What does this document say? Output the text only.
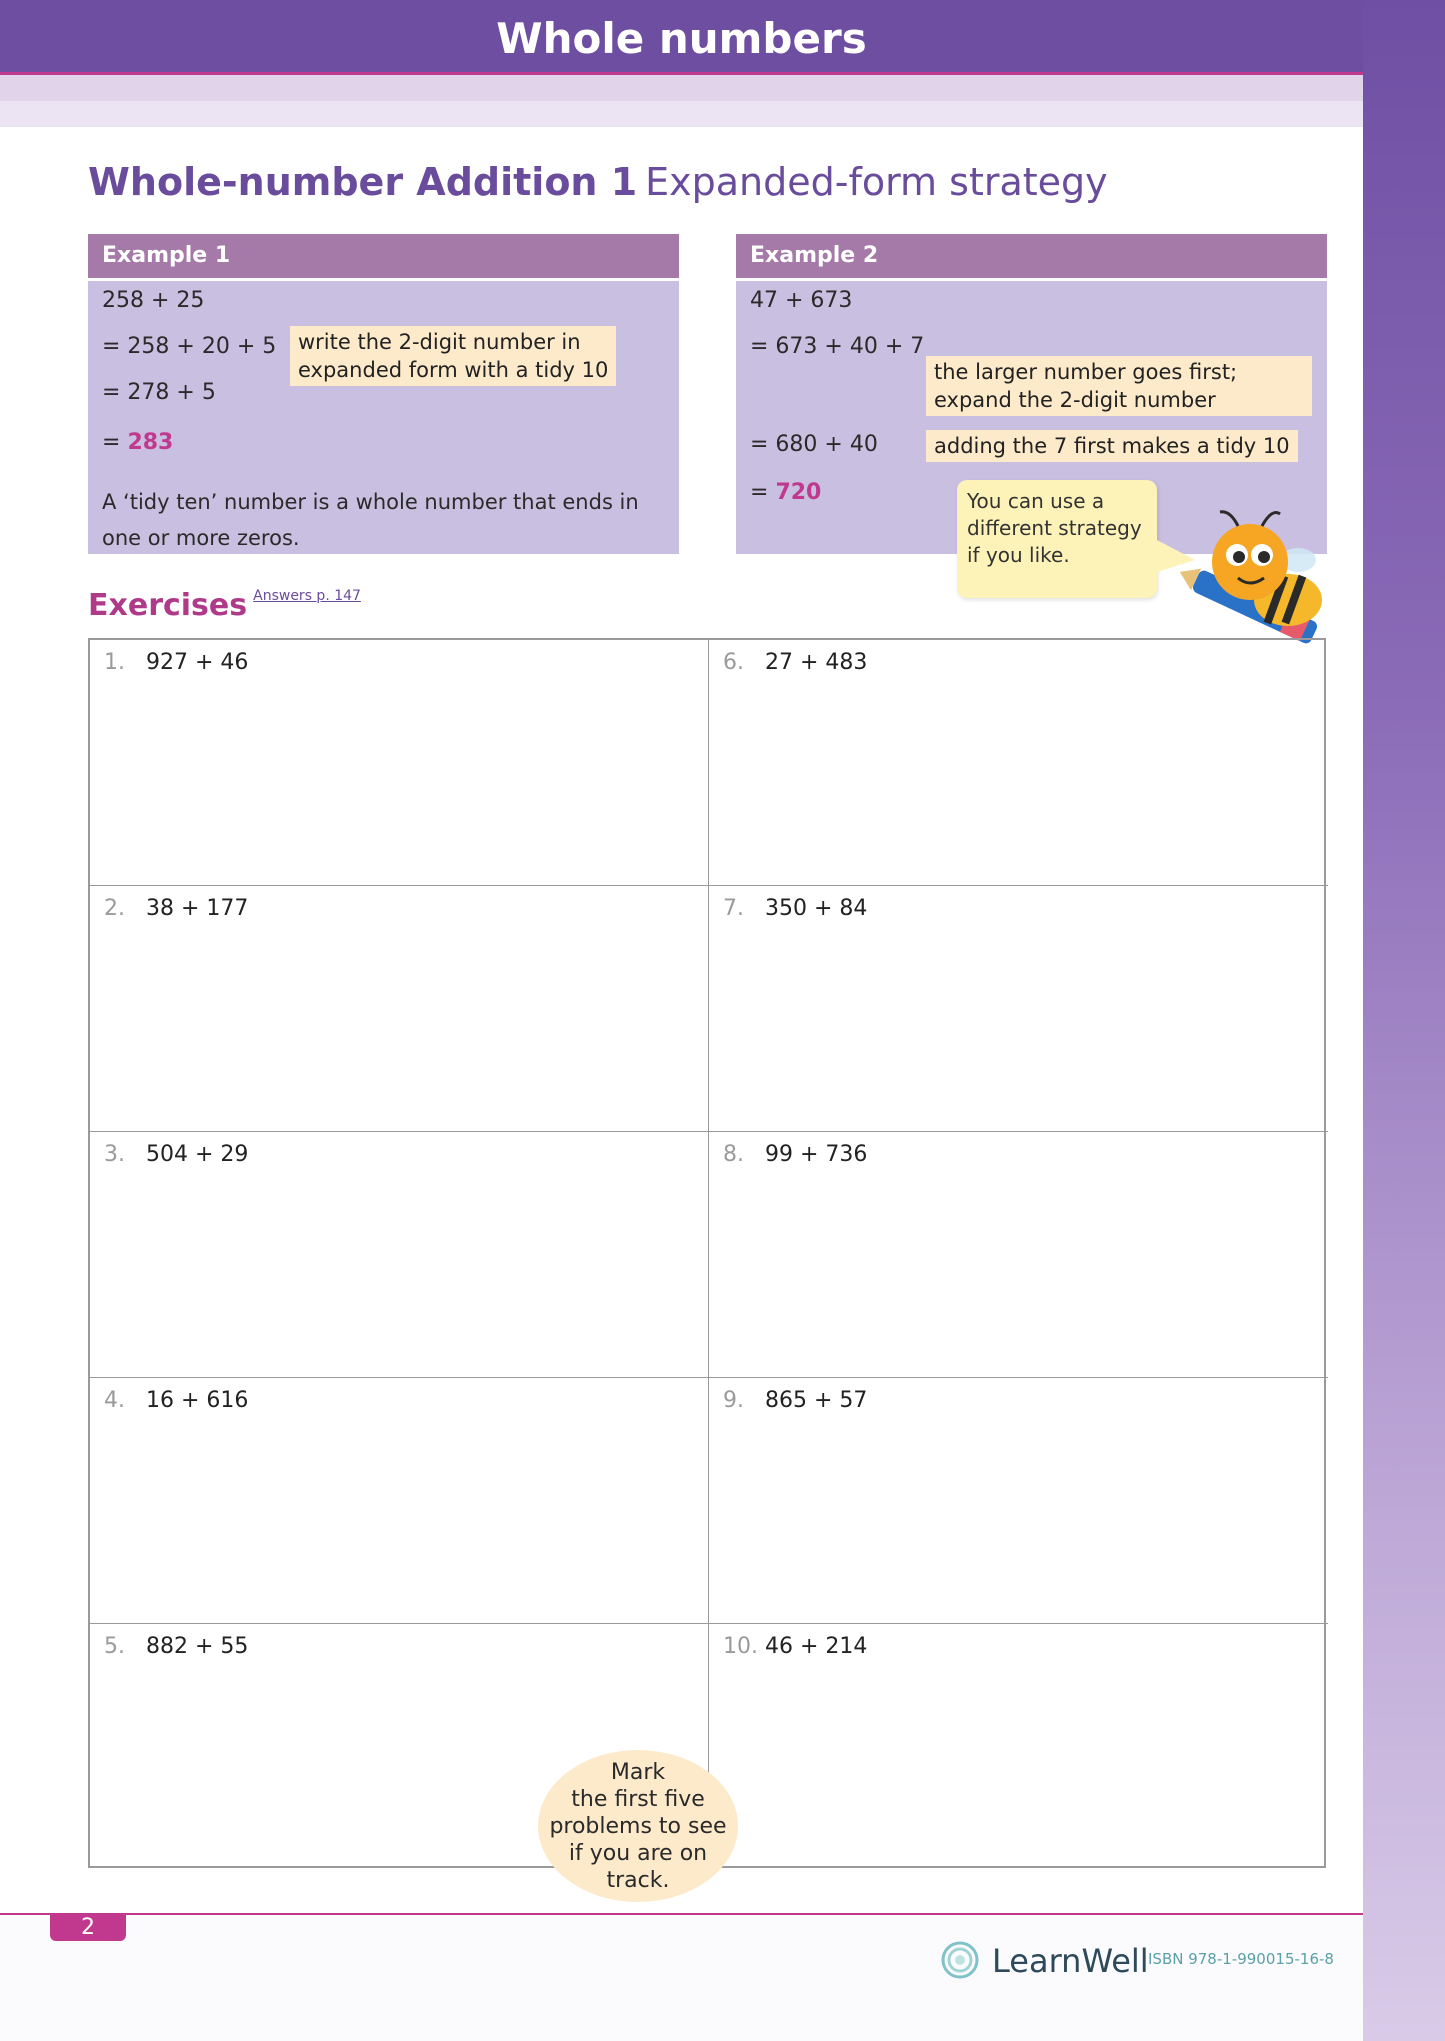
Whole numbers
Whole-number Addition 1 Expanded-form strategy
Example 1
258 + 25
= 258 + 20 + 5
= 278 + 5
= 283
write the 2-digit number in
expanded form with a tidy 10
A ‘tidy ten’ number is a whole number that ends in
one or more zeros.
Example 2
47 + 673
= 673 + 40 + 7
= 680 + 40
= 720
the larger number goes first;
expand the 2-digit number
adding the 7 first makes a tidy 10
You can use a
different strategy
if you like.
Exercises Answers p. 147
1. 927 + 46
2. 38 + 177
3. 504 + 29
4. 16 + 616
5. 882 + 55
6. 27 + 483
7. 350 + 84
8. 99 + 736
9. 865 + 57
10. 46 + 214
Mark
the first five
problems to see
if you are on
track.
2
LearnWell ISBN 978-1-990015-16-8
